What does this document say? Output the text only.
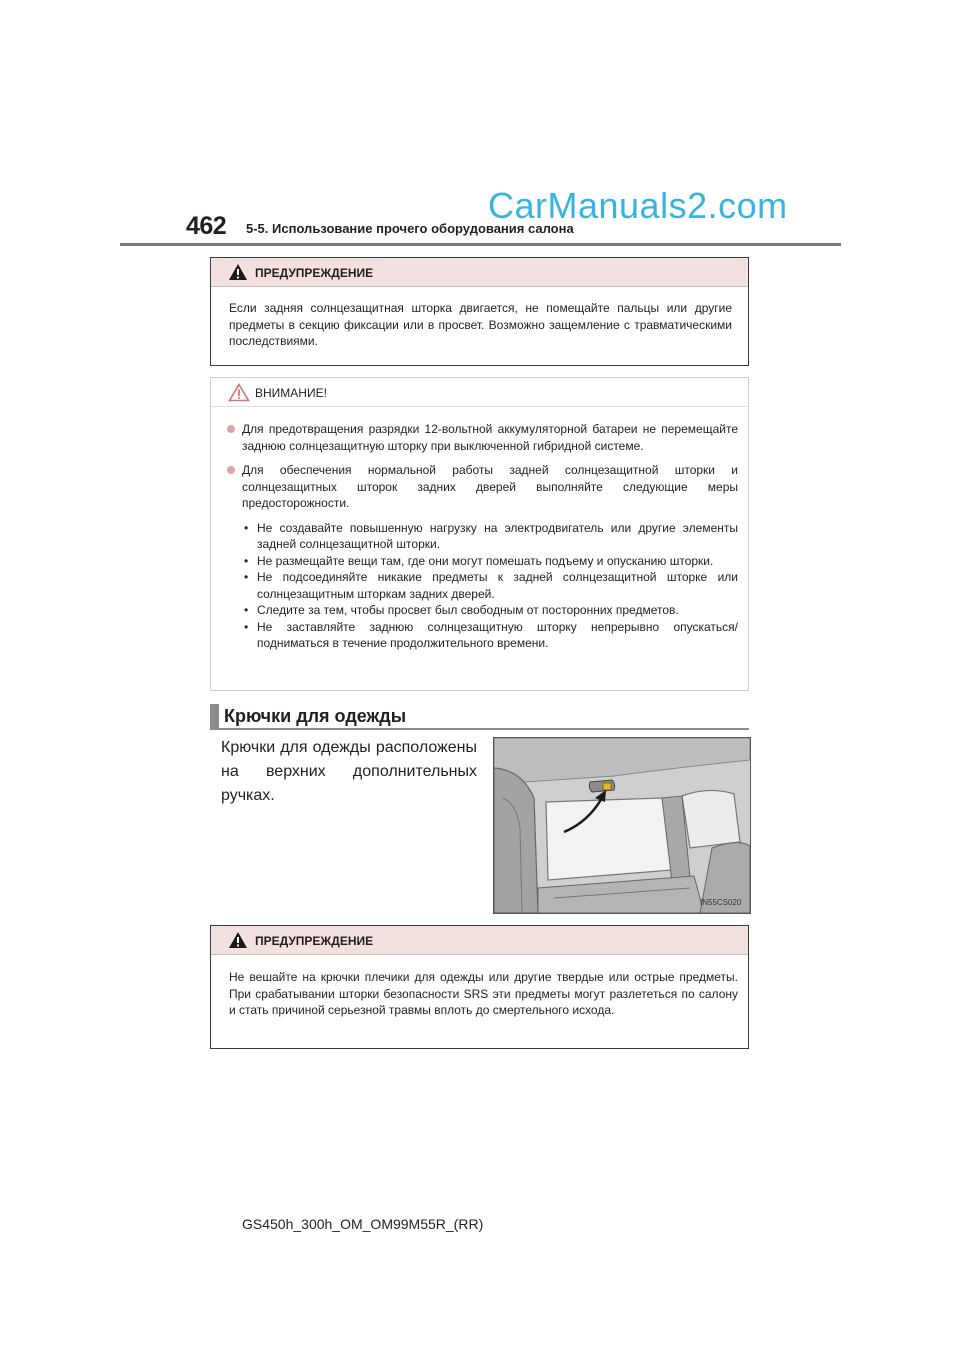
462 5-5. Использование прочего оборудования салона
CarManuals2.com
ПРЕДУПРЕЖДЕНИЕ
Если задняя солнцезащитная шторка двигается, не помещайте пальцы или другие предметы в секцию фиксации или в просвет. Возможно защемление с травматическими последствиями.
ВНИМАНИЕ!
Для предотвращения разрядки 12-вольтной аккумуляторной батареи не перемещайте заднюю солнцезащитную шторку при выключенной гибридной системе.
Для обеспечения нормальной работы задней солнцезащитной шторки и солнцезащитных шторок задних дверей выполняйте следующие меры предосторожности.
• Не создавайте повышенную нагрузку на электродвигатель или другие элементы задней солнцезащитной шторки.
• Не размещайте вещи там, где они могут помешать подъему и опусканию шторки.
• Не подсоединяйте никакие предметы к задней солнцезащитной шторке или солнцезащитным шторкам задних дверей.
• Следите за тем, чтобы просвет был свободным от посторонних предметов.
• Не заставляйте заднюю солнцезащитную шторку непрерывно опускаться/подниматься в течение продолжительного времени.
Крючки для одежды
Крючки для одежды расположены на верхних дополнительных ручках.
IN55CS020
ПРЕДУПРЕЖДЕНИЕ
Не вешайте на крючки плечики для одежды или другие твердые или острые предметы. При срабатывании шторки безопасности SRS эти предметы могут разлететься по салону и стать причиной серьезной травмы вплоть до смертельного исхода.
GS450h_300h_OM_OM99M55R_(RR)
